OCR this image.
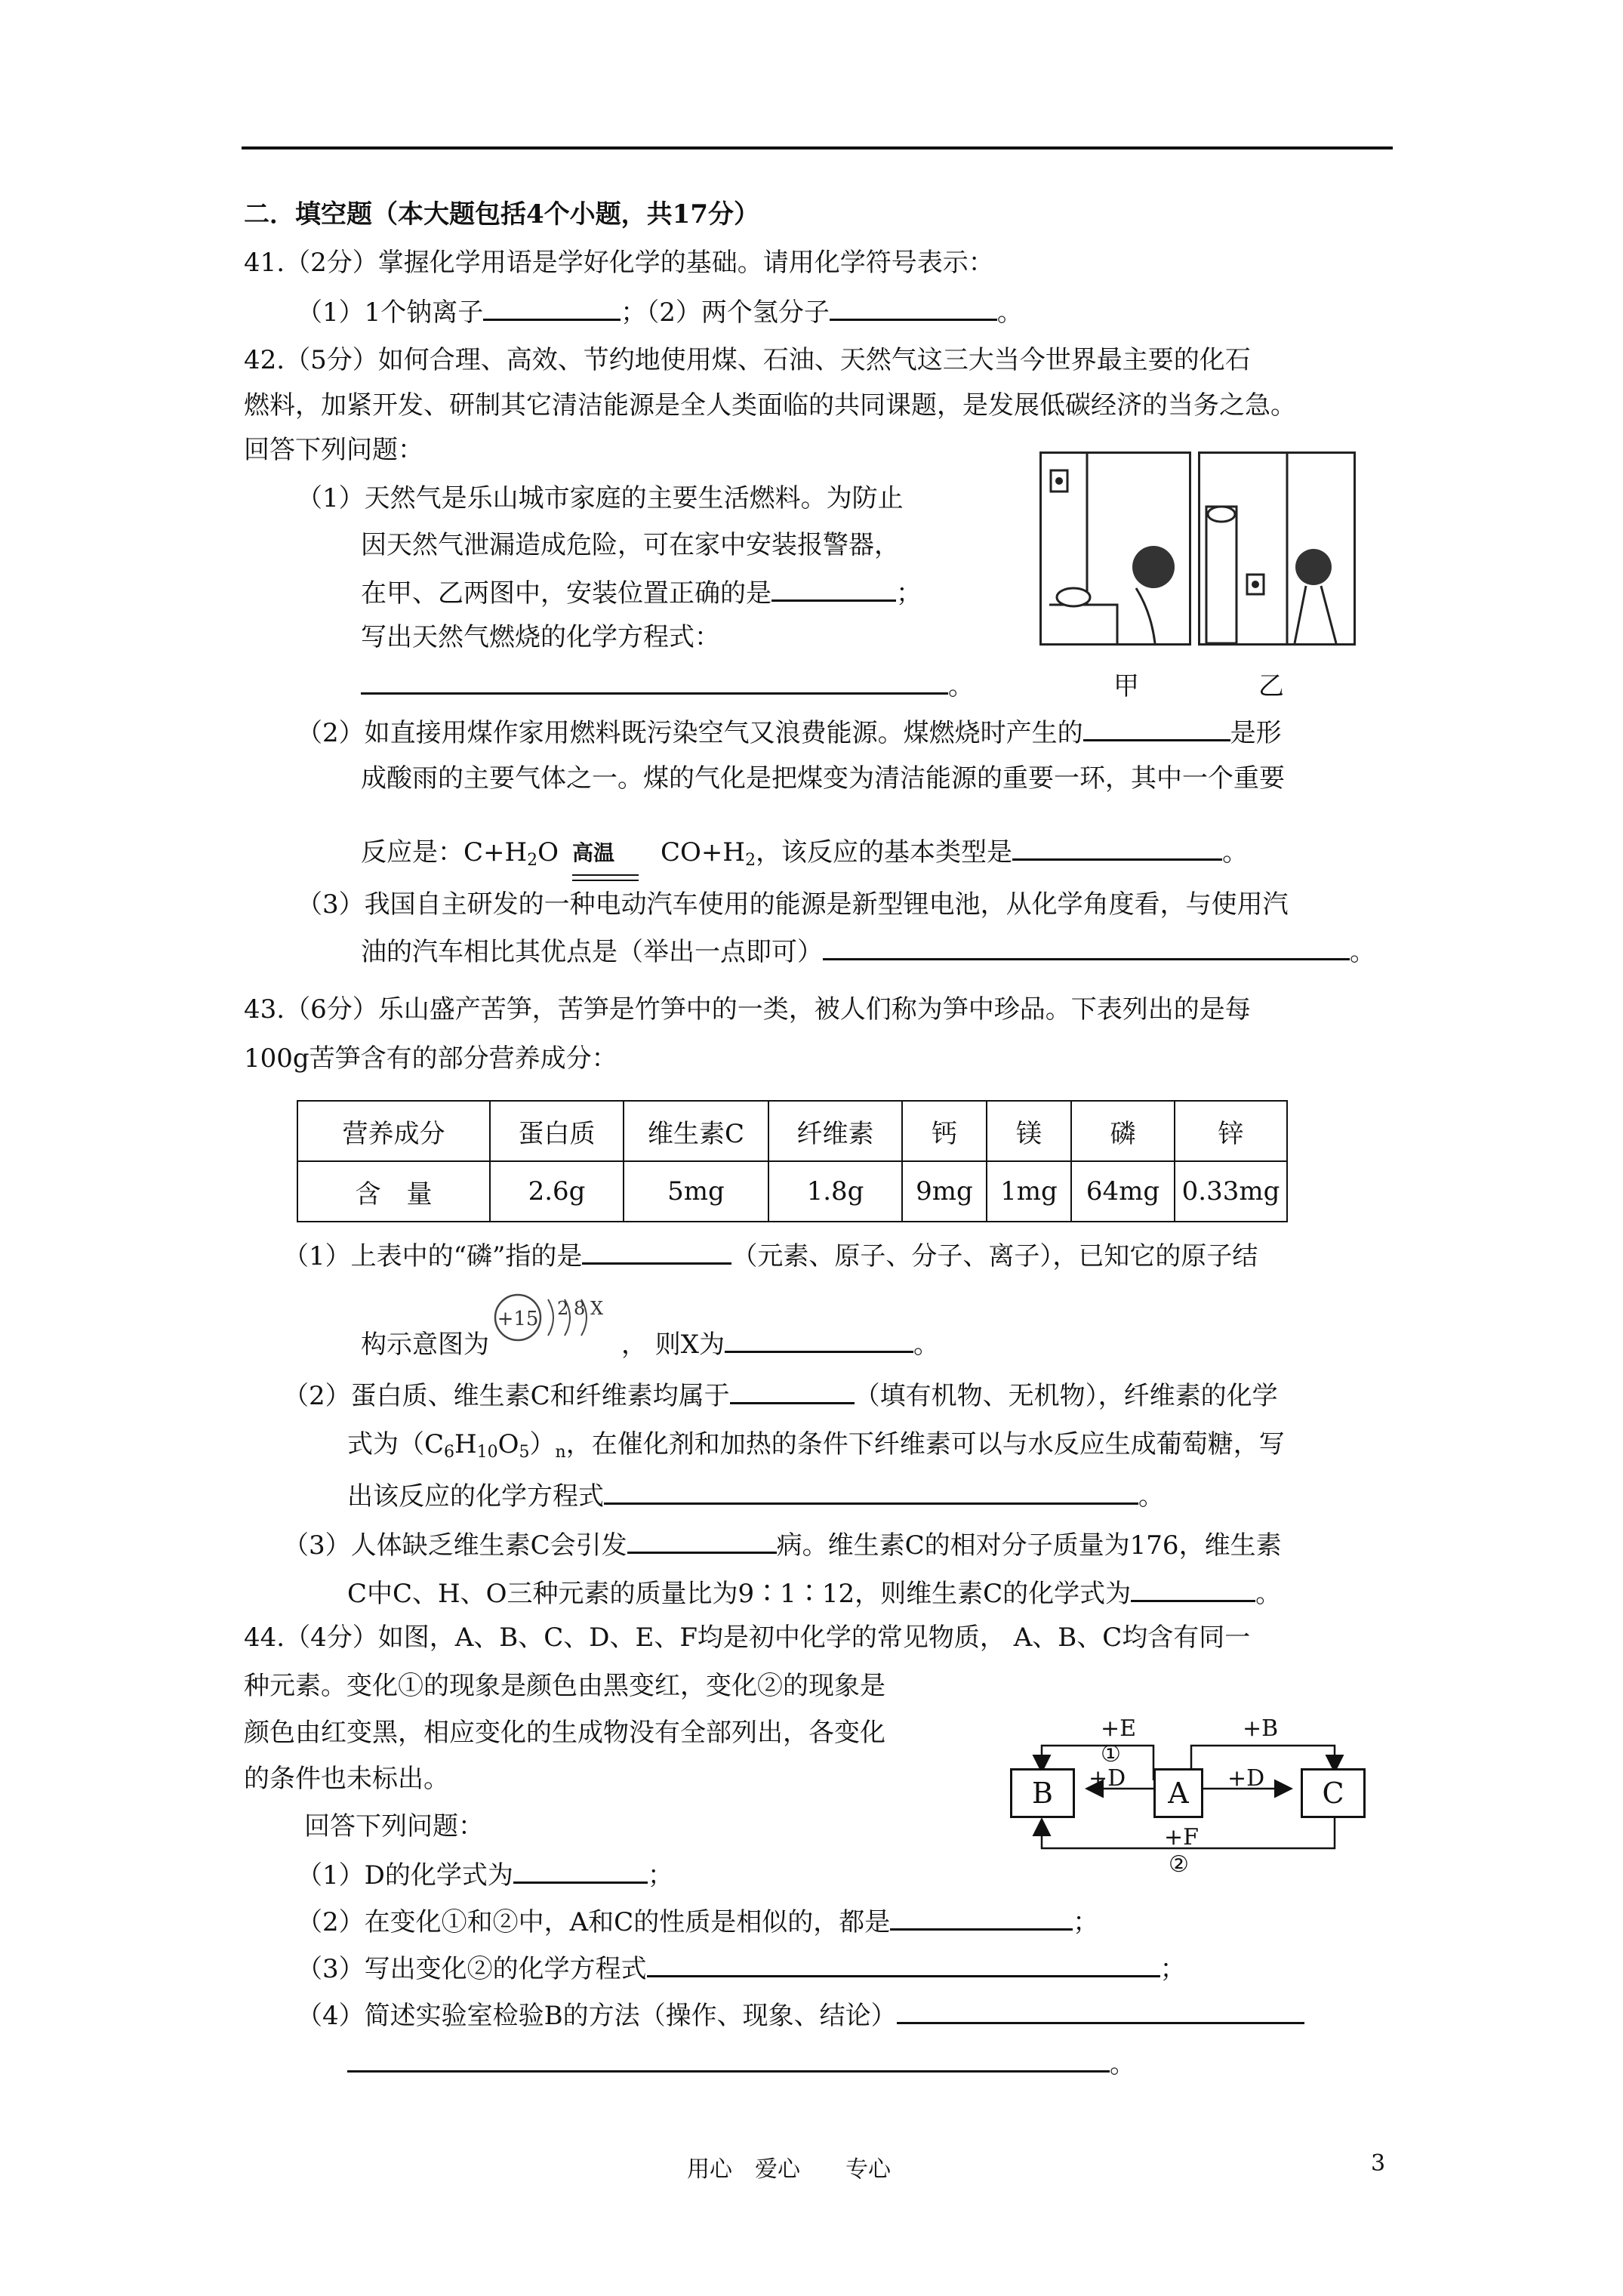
二．填空题（本大题包括4个小题，共17分）
41.（2分）掌握化学用语是学好化学的基础。请用化学符号表示：
（1）1个钠离子	；（2）两个氢分子	。
42.（5分）如何合理、高效、节约地使用煤、石油、天然气这三大当今世界最主要的化石
燃料，加紧开发、研制其它清洁能源是全人类面临的共同课题，是发展低碳经济的当务之急。
回答下列问题：
（1）天然气是乐山城市家庭的主要生活燃料。为防止
因天然气泄漏造成危险，可在家中安装报警器，
在甲、乙两图中，安装位置正确的是	；
写出天然气燃烧的化学方程式：
。	甲	乙
（2）如直接用煤作家用燃料既污染空气又浪费能源。煤燃烧时产生的	是形
成酸雨的主要气体之一。煤的气化是把煤变为清洁能源的重要一环，其中一个重要
反应是：$C+H_2O$ 高温 $CO+H_2$，该反应的基本类型是	。
（3）我国自主研发的一种电动汽车使用的能源是新型锂电池，从化学角度看，与使用汽
油的汽车相比其优点是（举出一点即可）	。
43.（6分）乐山盛产苦笋，苦笋是竹笋中的一类，被人们称为笋中珍品。下表列出的是每
100g苦笋含有的部分营养成分：
营养成分	蛋白质	维生素C	纤维素	钙	镁	磷	锌
含　量	2.6g	5mg	1.8g	9mg	1mg	64mg	0.33mg
（1）上表中的“磷”指的是	（元素、原子、分子、离子），已知它的原子结
构示意图为
+15 2 8 X
， 则X为	。
（2）蛋白质、维生素C和纤维素均属于	（填有机物、无机物），纤维素的化学
式为$(C_6H_{10}O_5)_n$，在催化剂和加热的条件下纤维素可以与水反应生成葡萄糖，写
出该反应的化学方程式	。
（3）人体缺乏维生素C会引发	病。维生素C的相对分子质量为176，维生素
C中C、H、O三种元素的质量比为9∶1∶12，则维生素C的化学式为	。
44.（4分）如图，A、B、C、D、E、F均是初中化学的常见物质， A、B、C均含有同一
种元素。变化①的现象是颜色由黑变红，变化②的现象是
颜色由红变黑，相应变化的生成物没有全部列出，各变化
的条件也未标出。
回答下列问题：
B	A	C
+E
①
+B
+D	+D
+F
②
（1）D的化学式为	；
（2）在变化①和②中，A和C的性质是相似的，都是	；
（3）写出变化②的化学方程式	；
（4）简述实验室检验B的方法（操作、现象、结论）
。
用心　爱心　　专心	3
